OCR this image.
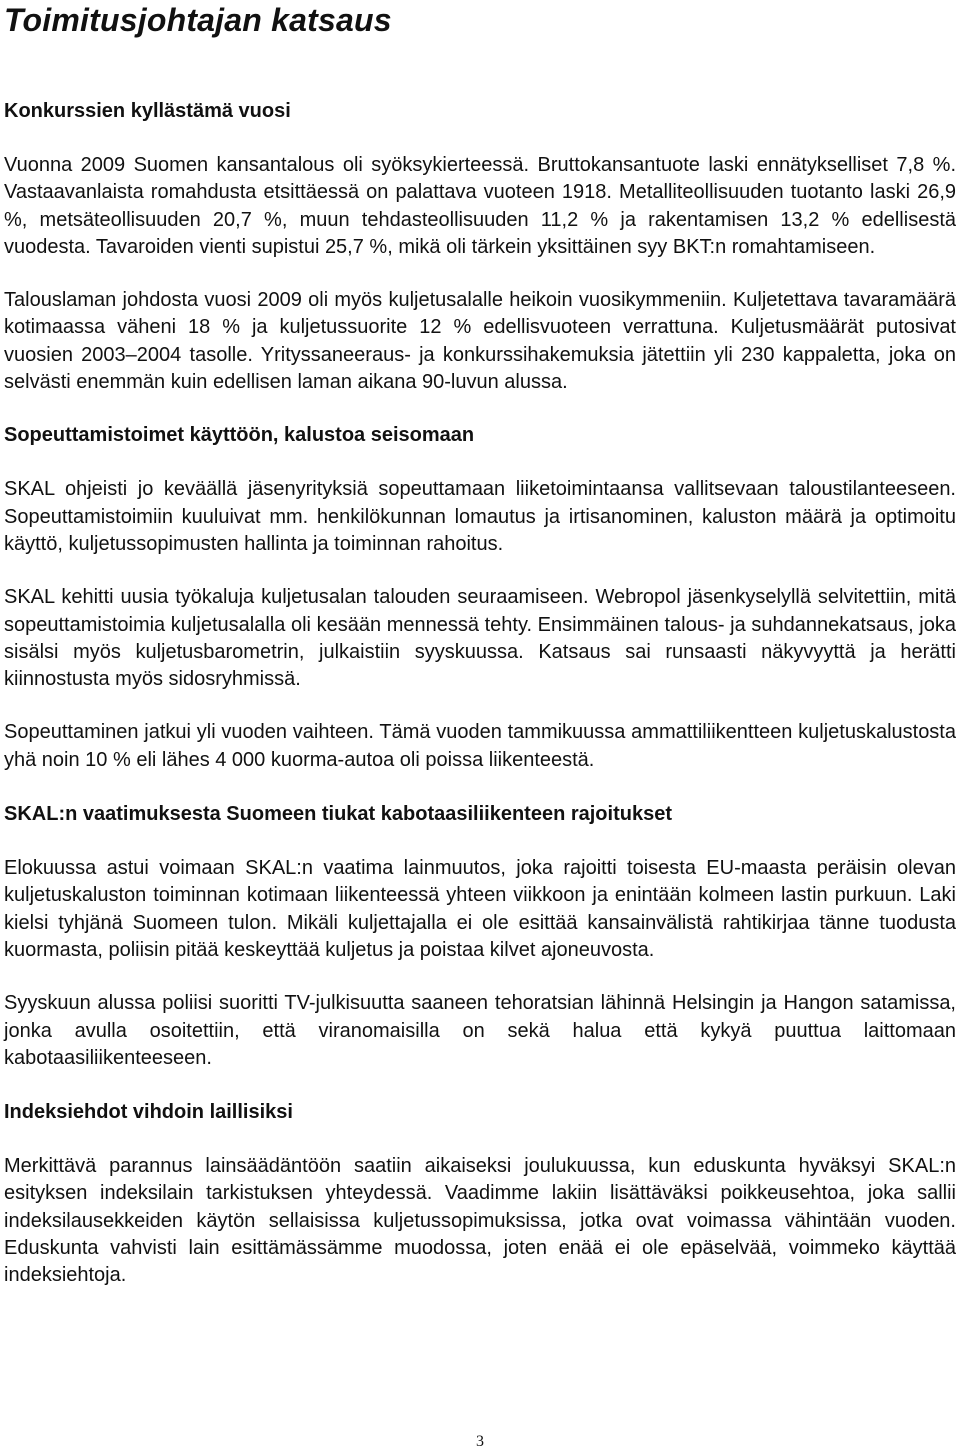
Toimitusjohtajan katsaus
Konkurssien kyllästämä vuosi

Vuonna 2009 Suomen kansantalous oli syöksykierteessä. Bruttokansantuote laski ennätykselliset 7,8 %. Vastaavanlaista romahdusta etsittäessä on palattava vuoteen 1918. Metalliteollisuuden tuotanto laski 26,9 %, metsäteollisuuden 20,7 %, muun tehdasteollisuuden 11,2 % ja rakentamisen 13,2 % edellisestä vuodesta. Tavaroiden vienti supistui 25,7 %, mikä oli tärkein yksittäinen syy BKT:n romahtamiseen.

Talouslaman johdosta vuosi 2009 oli myös kuljetusalalle heikoin vuosikymmeniin. Kuljetettava tavaramäärä kotimaassa väheni 18 % ja kuljetussuorite 12 % edellisvuoteen verrattuna. Kuljetusmäärät putosivat vuosien 2003–2004 tasolle. Yrityssaneeraus- ja konkurssihakemuksia jätettiin yli 230 kappaletta, joka on selvästi enemmän kuin edellisen laman aikana 90-luvun alussa.

Sopeuttamistoimet käyttöön, kalustoa seisomaan

SKAL ohjeisti jo keväällä jäsenyrityksiä sopeuttamaan liiketoimintaansa vallitsevaan taloustilanteeseen. Sopeuttamistoimiin kuuluivat mm. henkilökunnan lomautus ja irtisanominen, kaluston määrä ja optimoitu käyttö, kuljetussopimusten hallinta ja toiminnan rahoitus.

SKAL kehitti uusia työkaluja kuljetusalan talouden seuraamiseen. Webropol jäsenkyselyllä selvitettiin, mitä sopeuttamistoimia kuljetusalalla oli kesään mennessä tehty. Ensimmäinen talous- ja suhdannekatsaus, joka sisälsi myös kuljetusbarometrin, julkaistiin syyskuussa. Katsaus sai runsaasti näkyvyyttä ja herätti kiinnostusta myös sidosryhmissä.

Sopeuttaminen jatkui yli vuoden vaihteen. Tämä vuoden tammikuussa ammattiliikentteen kuljetuskalustosta yhä noin 10 % eli lähes 4 000 kuorma-autoa oli poissa liikenteestä.

SKAL:n vaatimuksesta Suomeen tiukat kabotaasiliikenteen rajoitukset

Elokuussa astui voimaan SKAL:n vaatima lainmuutos, joka rajoitti toisesta EU-maasta peräisin olevan kuljetuskaluston toiminnan kotimaan liikenteessä yhteen viikkoon ja enintään kolmeen lastin purkuun. Laki kielsi tyhjänä Suomeen tulon. Mikäli kuljettajalla ei ole esittää kansainvälistä rahtikirjaa tänne tuodusta kuormasta, poliisin pitää keskeyttää kuljetus ja poistaa kilvet ajoneuvosta.

Syyskuun alussa poliisi suoritti TV-julkisuutta saaneen tehoratsian lähinnä Helsingin ja Hangon satamissa, jonka avulla osoitettiin, että viranomaisilla on sekä halua että kykyä puuttua laittomaan kabotaasiliikenteeseen.

Indeksiehdot vihdoin laillisiksi

Merkittävä parannus lainsäädäntöön saatiin aikaiseksi joulukuussa, kun eduskunta hyväksyi SKAL:n esityksen indeksilain tarkistuksen yhteydessä. Vaadimme lakiin lisättäväksi poikkeusehtoa, joka sallii indeksilausekkeiden käytön sellaisissa kuljetussopimuksissa, jotka ovat voimassa vähintään vuoden. Eduskunta vahvisti lain esittämässämme muodossa, joten enää ei ole epäselvää, voimmeko käyttää indeksiehtoja.

3
